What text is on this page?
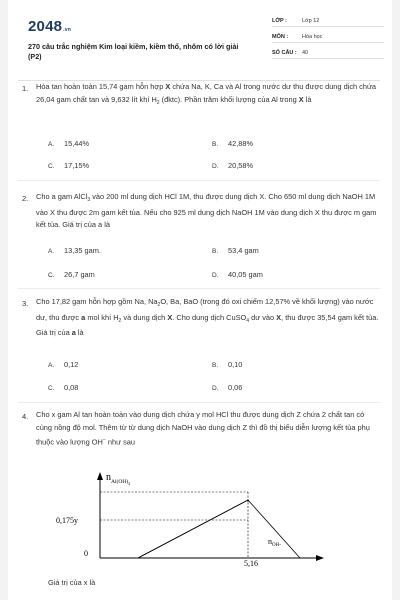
2048.vn
270 câu trắc nghiệm Kim loại kiềm, kiềm thổ, nhôm có lời giải (P2)
LỚP :	Lớp 12
MÔN :	Hóa học
SỐ CÂU : 40
1. Hòa tan hoàn toàn 15,74 gam hỗn hợp X chứa Na, K, Ca và Al trong nước dư thu được dung dịch chứa 26,04 gam chất tan và 9,632 lít khí $H_2$ (đktc). Phần trăm khối lượng của Al trong X là
A. 15,44%	B. 42,88%
C. 17,15%	D. 20,58%
2. Cho a gam AlCl$_3$ vào 200 ml dung dịch HCl 1M, thu được dung dịch X. Cho 650 ml dung dịch NaOH 1M vào X thu được 2m gam kết tủa. Nếu cho 925 ml dung dịch NaOH 1M vào dung dịch X thu được m gam kết tủa. Giá trị của a là
A. 13,35 gam.	B. 53,4 gam
C. 26,7 gam	D. 40,05 gam
3. Cho 17,82 gam hỗn hợp gồm Na, $Na_2O$, Ba, BaO (trong đó oxi chiếm 12,57% về khối lượng) vào nước dư, thu được a mol khí $H_2$ và dung dịch X. Cho dung dịch CuSO$_4$ dư vào X, thu được 35,54 gam kết tủa. Giá trị của a là
A. 0,12	B. 0,10
C. 0,08	D. 0,06
4. Cho x gam Al tan hoàn toàn vào dung dịch chứa y mol HCl thu được dung dịch Z chứa 2 chất tan có cùng nồng độ mol. Thêm từ từ dung dịch NaOH vào dung dịch Z thì đồ thị biểu diễn lượng kết tủa phụ thuộc vào lượng OH− như sau
$n_{Al(OH)3}$
$n_{OH-}$
0,175y
0
5,16
Giá trị của x là
